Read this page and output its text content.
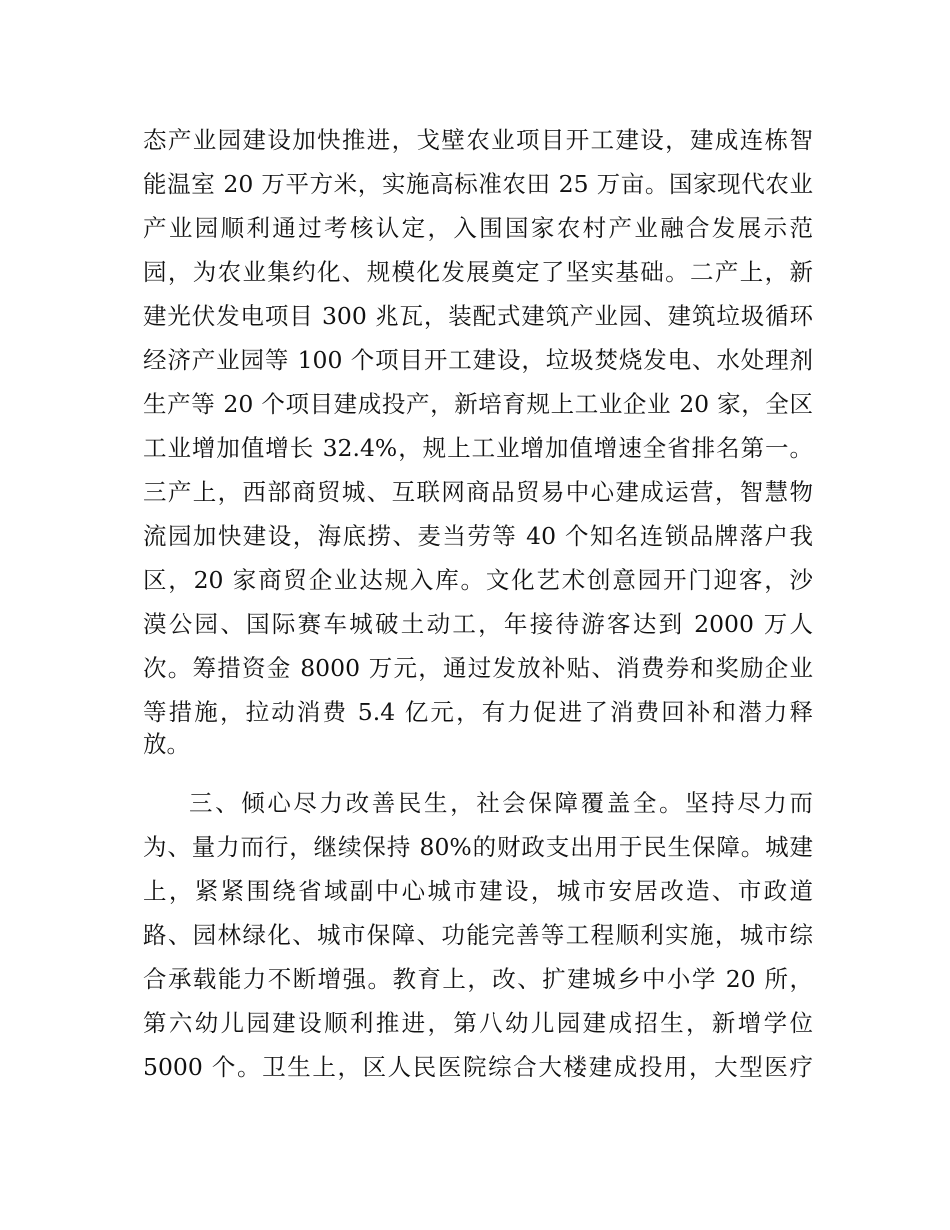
态产业园建设加快推进，戈壁农业项目开工建设，建成连栋智
能温室 20 万平方米，实施高标准农田 25 万亩。国家现代农业
产业园顺利通过考核认定，入围国家农村产业融合发展示范
园，为农业集约化、规模化发展奠定了坚实基础。二产上，新
建光伏发电项目 300 兆瓦，装配式建筑产业园、建筑垃圾循环
经济产业园等 100 个项目开工建设，垃圾焚烧发电、水处理剂
生产等 20 个项目建成投产，新培育规上工业企业 20 家，全区
工业增加值增长 32.4%，规上工业增加值增速全省排名第一。
三产上，西部商贸城、互联网商品贸易中心建成运营，智慧物
流园加快建设，海底捞、麦当劳等 40 个知名连锁品牌落户我
区，20 家商贸企业达规入库。文化艺术创意园开门迎客，沙
漠公园、国际赛车城破土动工，年接待游客达到 2000 万人
次。筹措资金 8000 万元，通过发放补贴、消费券和奖励企业
等措施，拉动消费 5.4 亿元，有力促进了消费回补和潜力释
放。
三、倾心尽力改善民生，社会保障覆盖全。坚持尽力而
为、量力而行，继续保持 80%的财政支出用于民生保障。城建
上，紧紧围绕省域副中心城市建设，城市安居改造、市政道
路、园林绿化、城市保障、功能完善等工程顺利实施，城市综
合承载能力不断增强。教育上，改、扩建城乡中小学 20 所，
第六幼儿园建设顺利推进，第八幼儿园建成招生，新增学位
5000 个。卫生上，区人民医院综合大楼建成投用，大型医疗
